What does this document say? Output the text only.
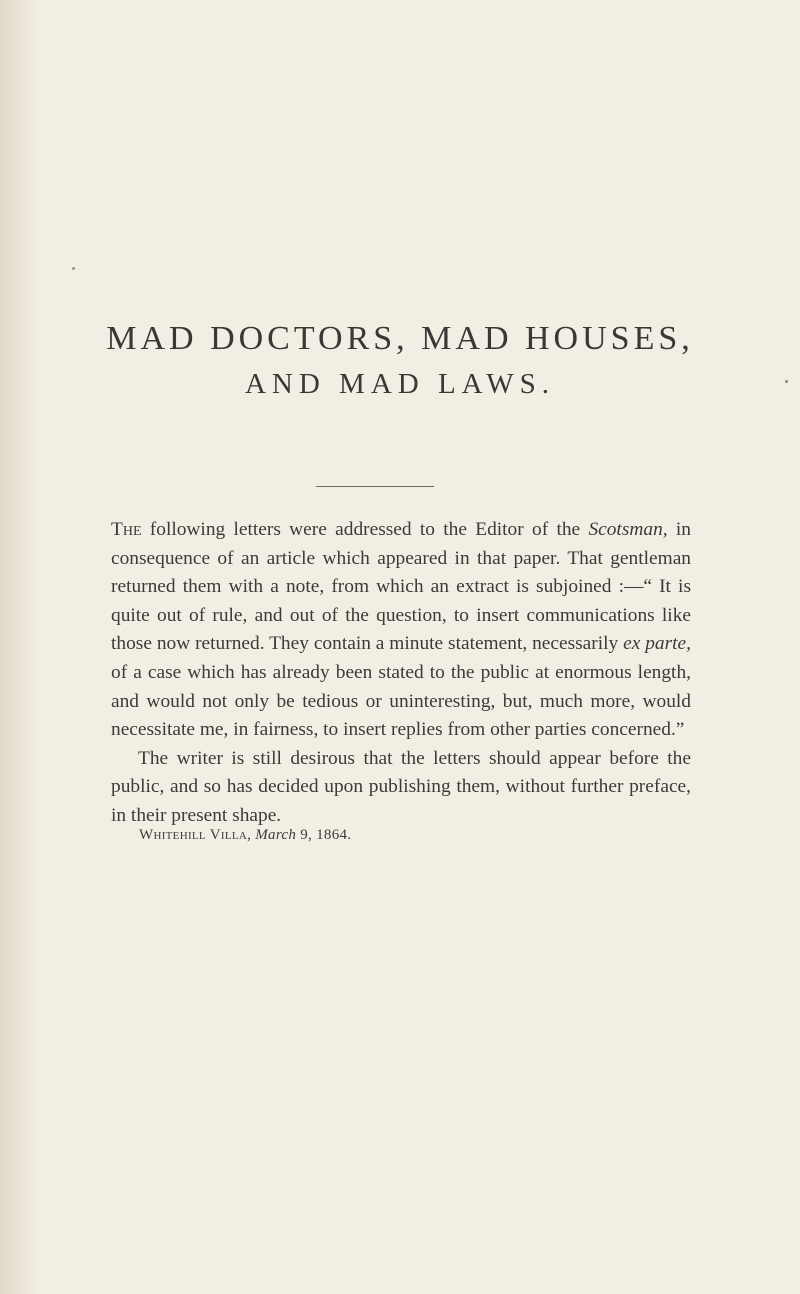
MAD DOCTORS, MAD HOUSES,
AND MAD LAWS.

The following letters were addressed to the Editor of the Scotsman, in consequence of an article which appeared in that paper. That gentleman returned them with a note, from which an extract is subjoined :—“ It is quite out of rule, and out of the question, to insert communications like those now returned. They contain a minute statement, necessarily ex parte, of a case which has already been stated to the public at enormous length, and would not only be tedious or uninteresting, but, much more, would necessitate me, in fairness, to insert replies from other parties concerned.”

The writer is still desirous that the letters should appear before the public, and so has decided upon publishing them, without further preface, in their present shape.

Whitehill Villa, March 9, 1864.
